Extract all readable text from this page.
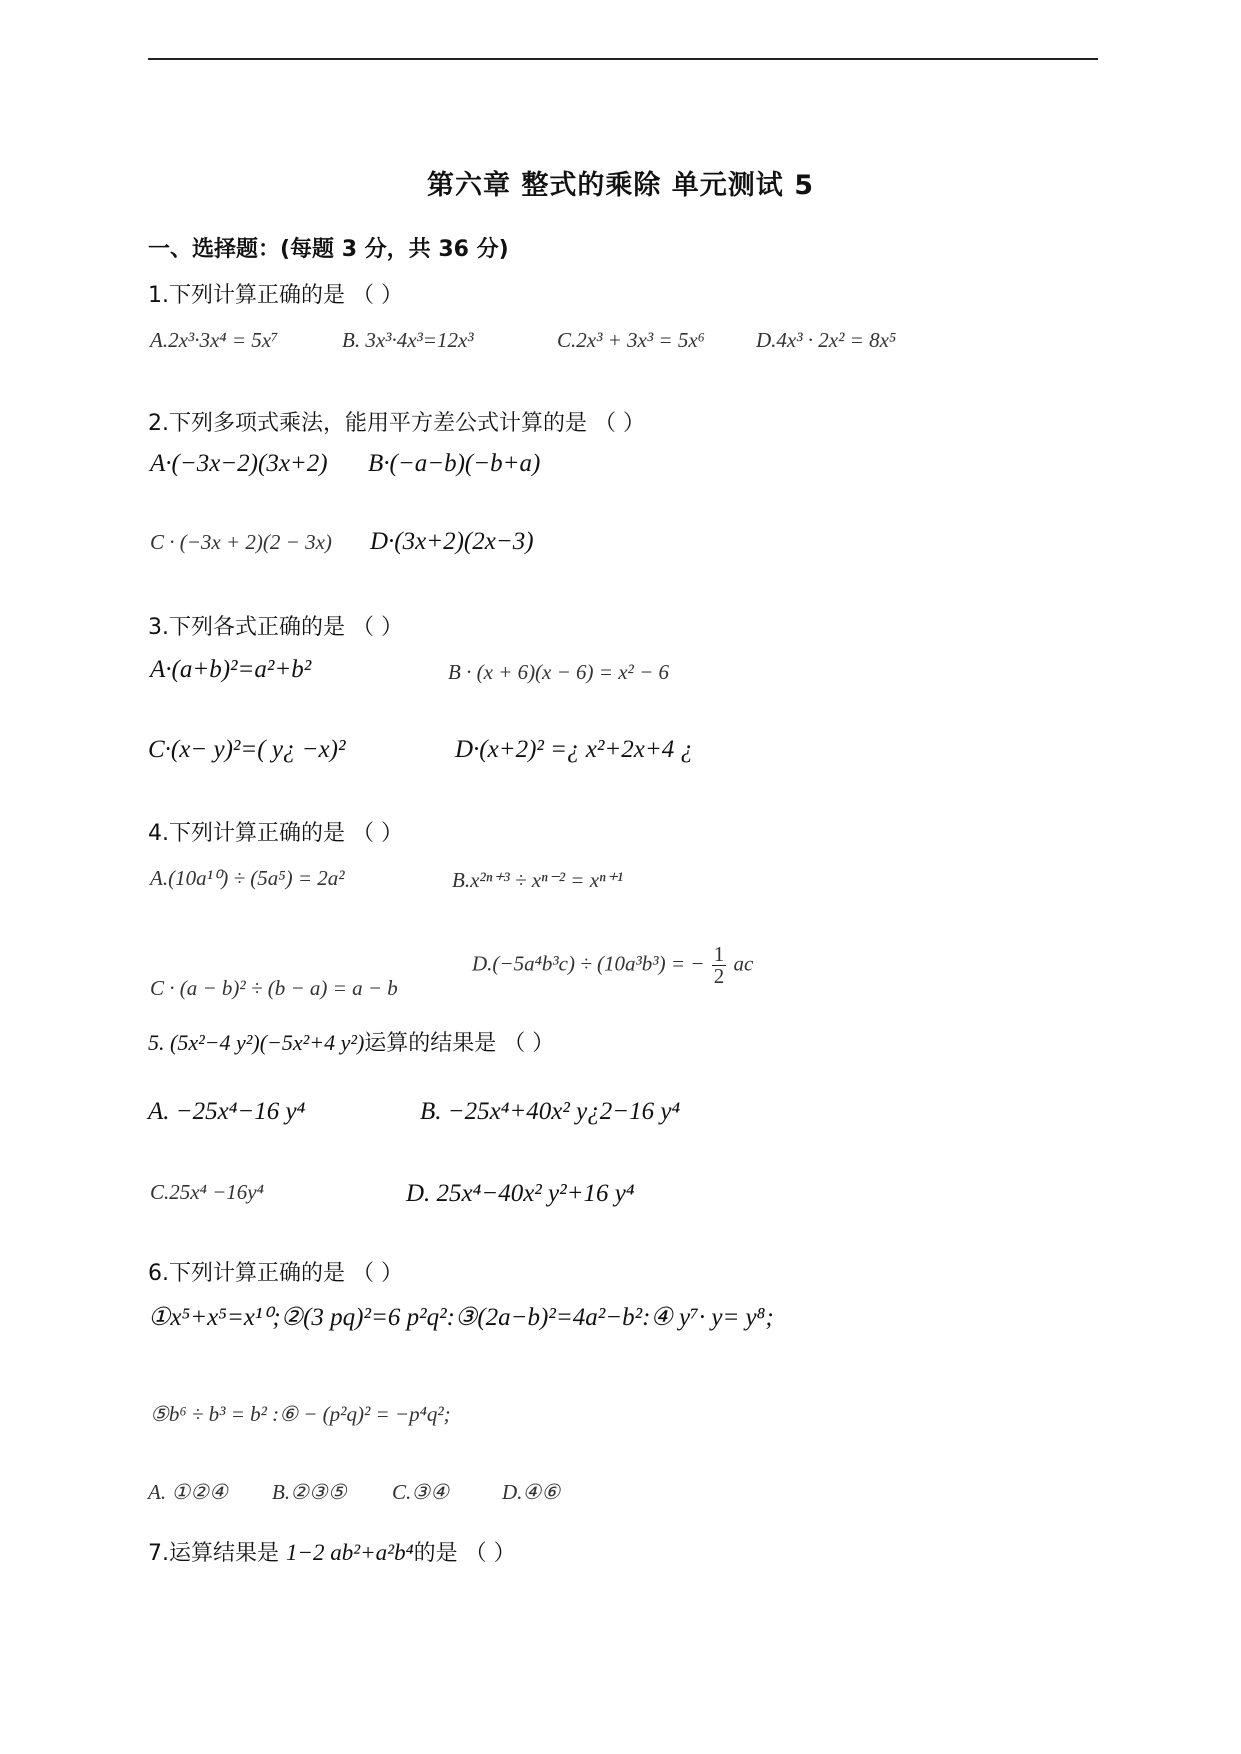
第六章 整式的乘除 单元测试 5
一、选择题：(每题 3 分，共 36 分)
1.下列计算正确的是 （ ）
A.2x³·3x⁴ = 5x⁷	B. 3x³·4x³=12x³	C.2x³ + 3x³ = 5x⁶ D.4x³ · 2x² = 8x⁵
2.下列多项式乘法，能用平方差公式计算的是 （ ）
A·(−3x−2)(3x+2) B·(−a−b)(−b+a)
C · (−3x + 2)(2 − 3x) D·(3x+2)(2x−3)
3.下列各式正确的是 （ ）
A·(a+b)²=a²+b²	B · (x + 6)(x − 6) = x² − 6
C·(x− y)²=( y¿ −x)²	D·(x+2)² =¿ x²+2x+4 ¿
4.下列计算正确的是 （ ）
A.(10a¹⁰) ÷ (5a⁵) = 2a²	B.x²ⁿ⁺³ ÷ xⁿ⁻² = xⁿ⁺¹
C · (a − b)² ÷ (b − a) = a − b
D.(−5a⁴b³c) ÷ (10a³b³) = − $\frac{1}{2}$ ac
5. (5x²−4 y²)(−5x²+4 y²)运算的结果是 （ ）
A. −25x⁴−16 y⁴	B. −25x⁴+40x² y¿2−16 y⁴
C.25x⁴ −16y⁴	D. 25x⁴−40x² y²+16 y⁴
6.下列计算正确的是 （ ）
①x⁵+x⁵=x¹⁰;②(3 pq)²=6 p²q²:③(2a−b)²=4a²−b²:④ y⁷· y= y⁸;
⑤b⁶ ÷ b³ = b² :⑥ − (p²q)² = −p⁴q²;
A. ①②④ B.②③⑤ C.③④	D.④⑥
7.运算结果是 1−2 ab²+a²b⁴的是 （ ）
